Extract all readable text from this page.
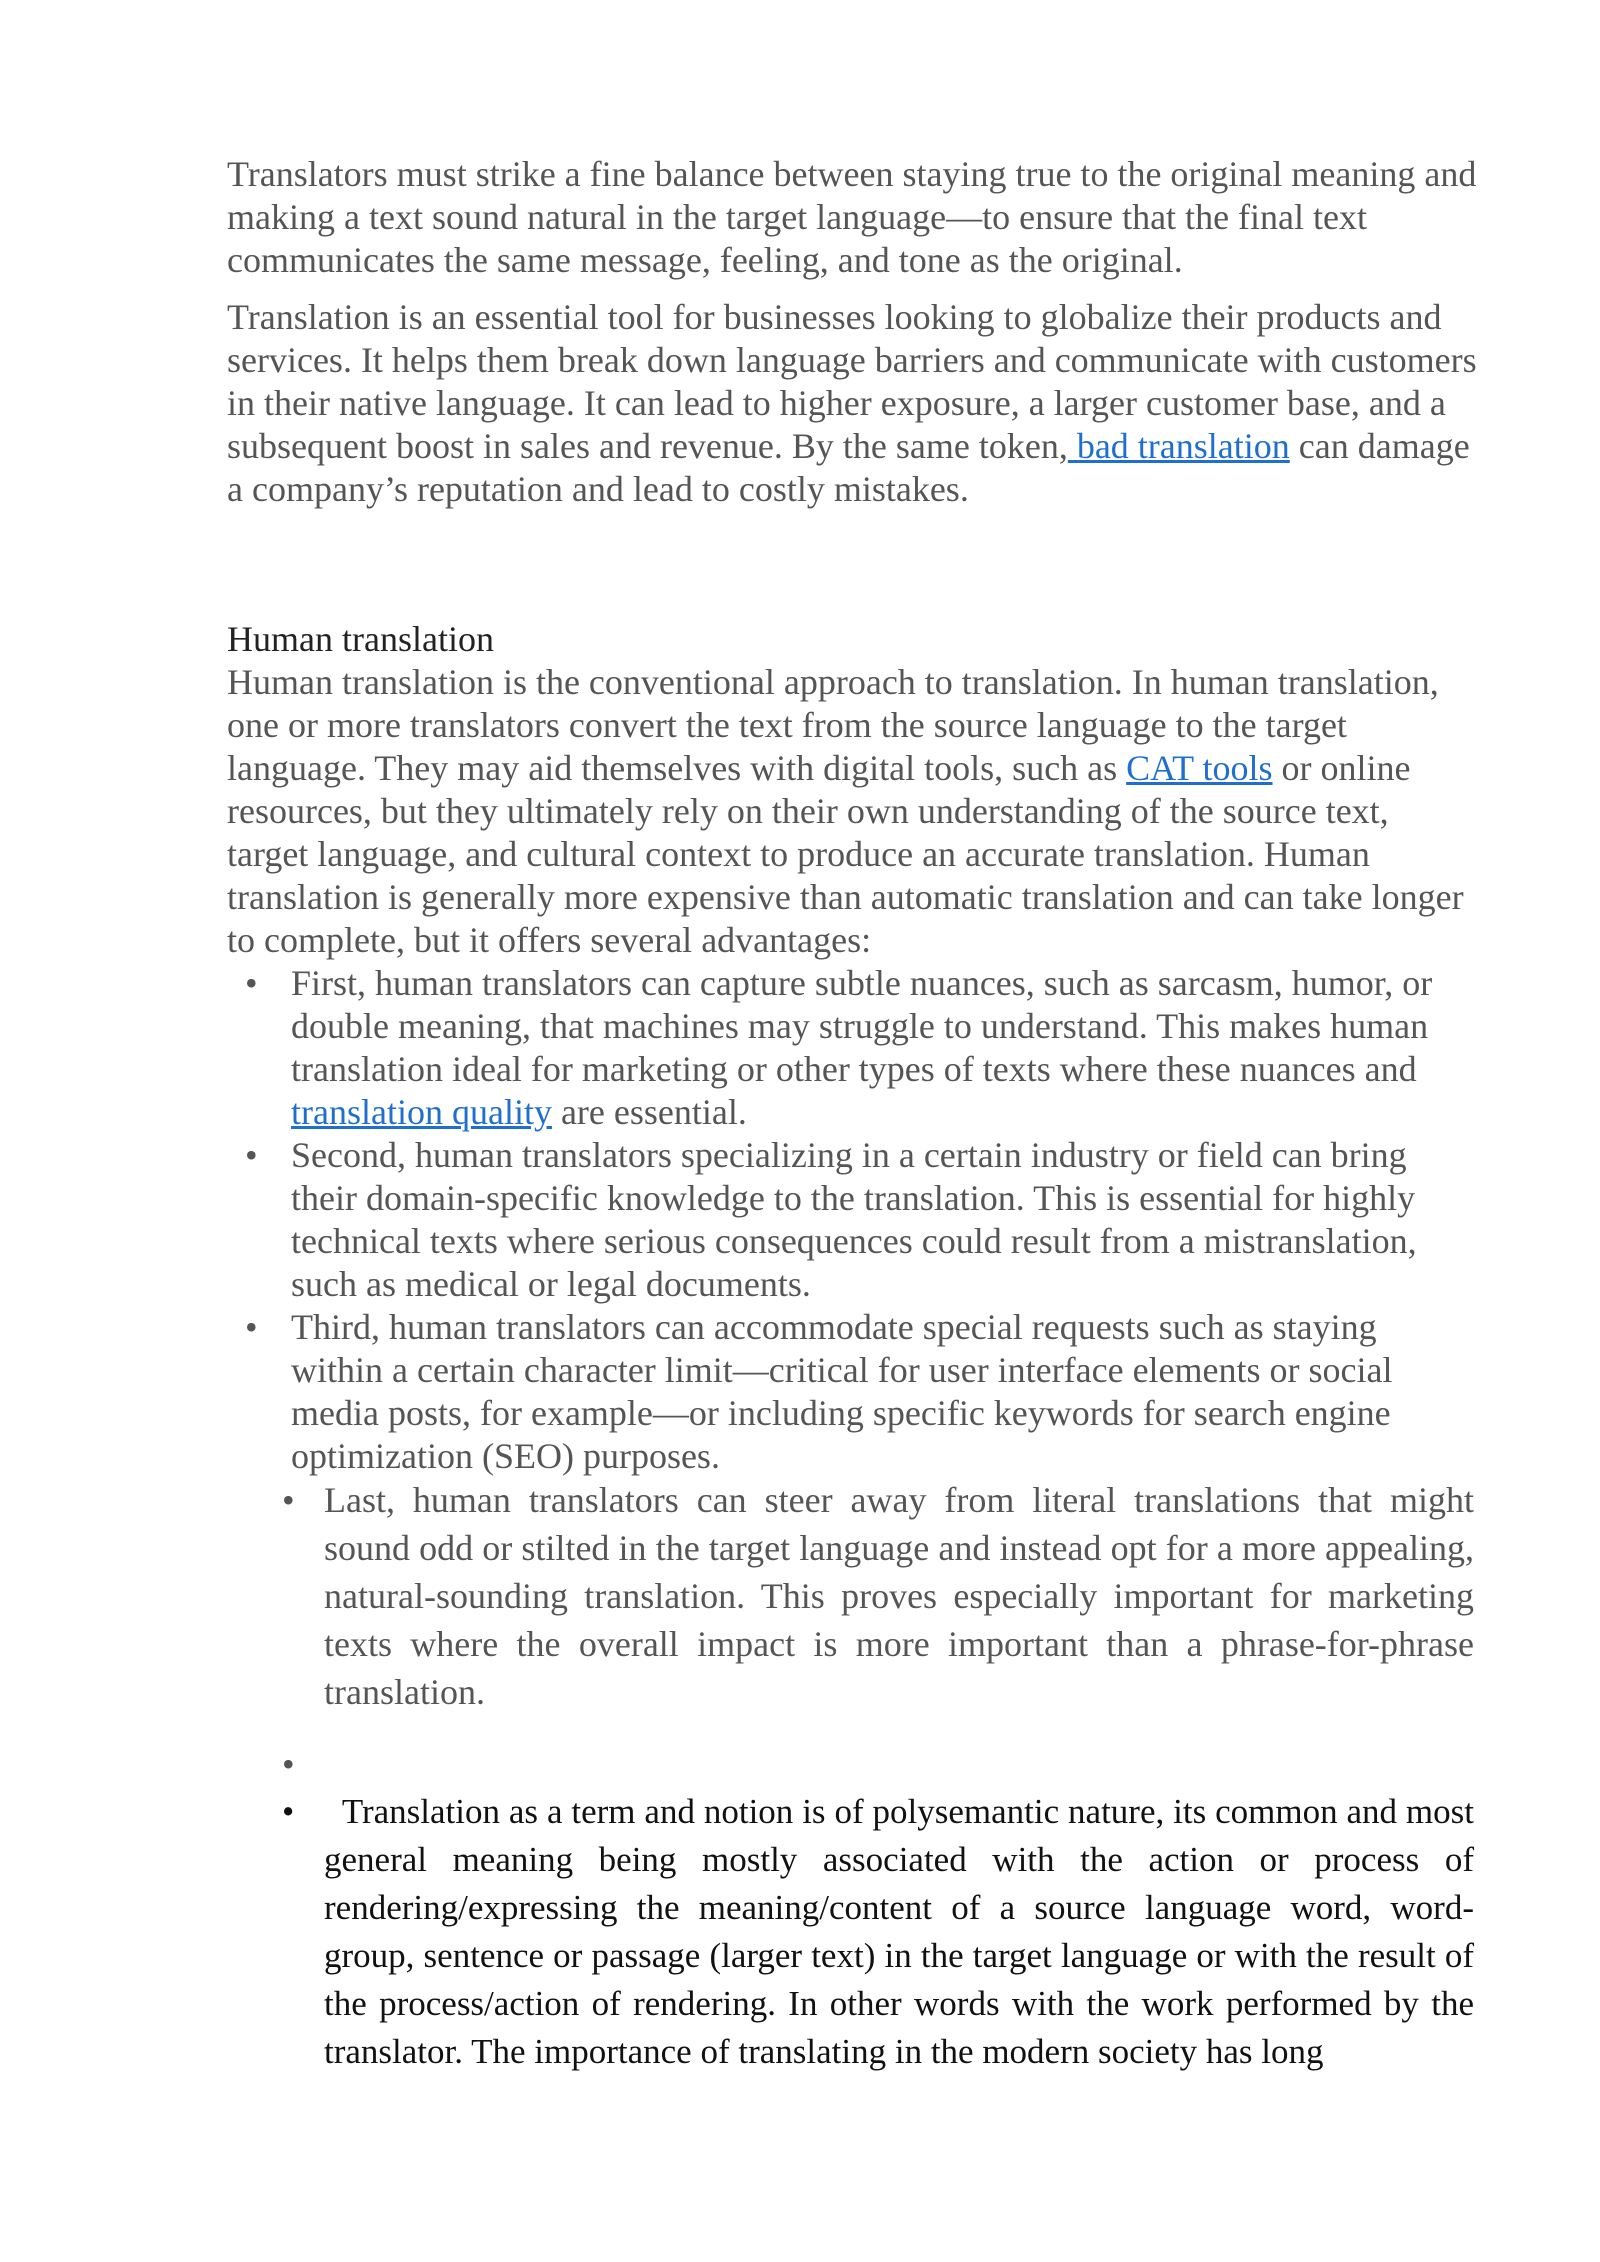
Translators must strike a fine balance between staying true to the original meaning and making a text sound natural in the target language—to ensure that the final text communicates the same message, feeling, and tone as the original.

Translation is an essential tool for businesses looking to globalize their products and services. It helps them break down language barriers and communicate with customers in their native language. It can lead to higher exposure, a larger customer base, and a subsequent boost in sales and revenue. By the same token, bad translation can damage a company’s reputation and lead to costly mistakes.

Human translation

Human translation is the conventional approach to translation. In human translation, one or more translators convert the text from the source language to the target language. They may aid themselves with digital tools, such as CAT tools or online resources, but they ultimately rely on their own understanding of the source text, target language, and cultural context to produce an accurate translation. Human translation is generally more expensive than automatic translation and can take longer to complete, but it offers several advantages:

• First, human translators can capture subtle nuances, such as sarcasm, humor, or double meaning, that machines may struggle to understand. This makes human translation ideal for marketing or other types of texts where these nuances and translation quality are essential.
• Second, human translators specializing in a certain industry or field can bring their domain-specific knowledge to the translation. This is essential for highly technical texts where serious consequences could result from a mistranslation, such as medical or legal documents.
• Third, human translators can accommodate special requests such as staying within a certain character limit—critical for user interface elements or social media posts, for example—or including specific keywords for search engine optimization (SEO) purposes.
• Last, human translators can steer away from literal translations that might sound odd or stilted in the target language and instead opt for a more appealing, natural-sounding translation. This proves especially important for marketing texts where the overall impact is more important than a phrase-for-phrase translation.
•
• Translation as a term and notion is of polysemantic nature, its common and most general meaning being mostly associated with the action or process of rendering/expressing the meaning/content of a source language word, word-group, sentence or passage (larger text) in the target language or with the result of the process/action of rendering. In other words with the work performed by the translator. The importance of translating in the modern society has long
